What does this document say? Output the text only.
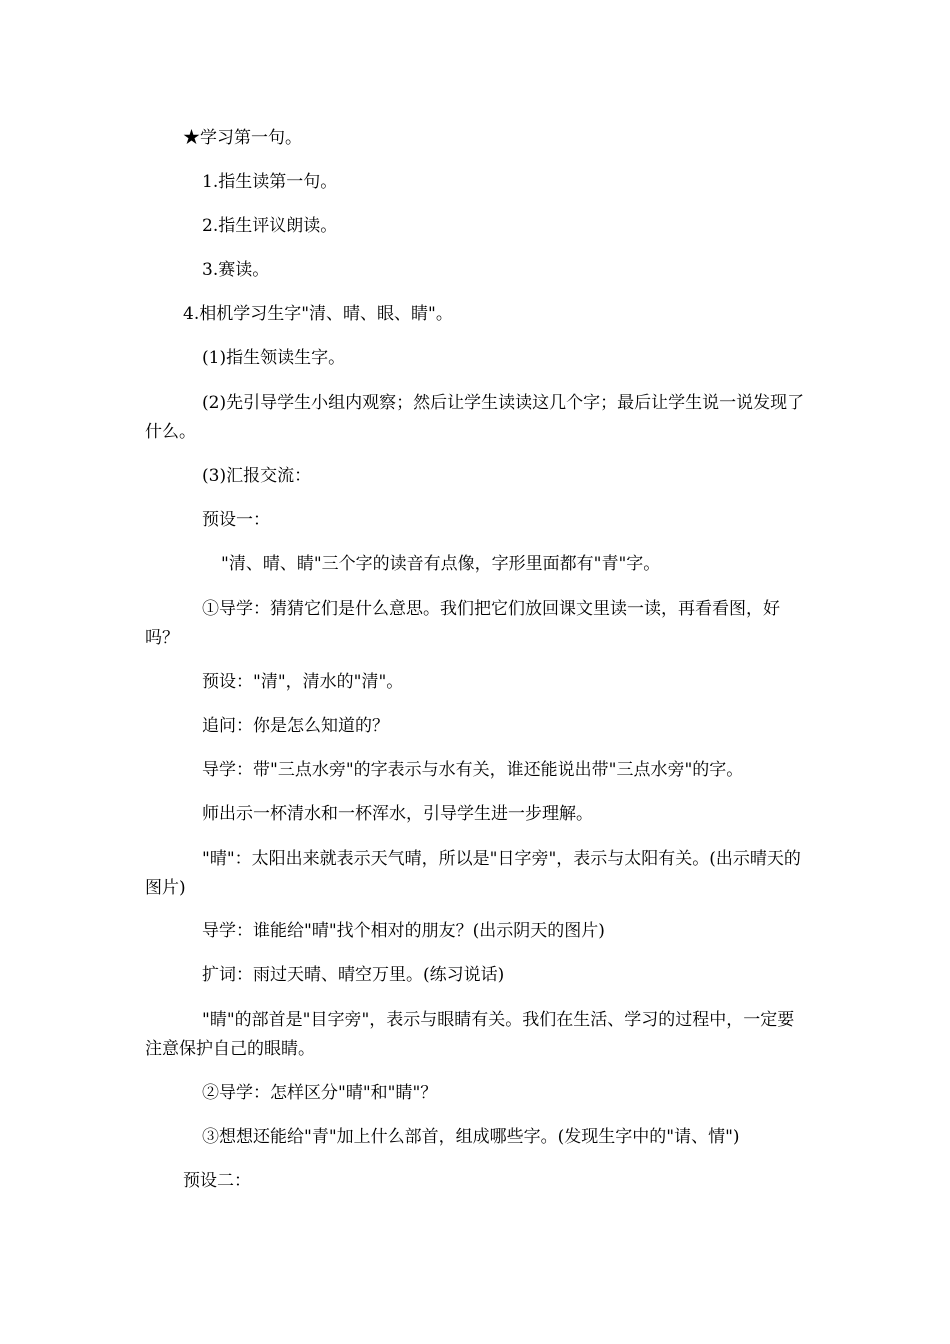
★学习第一句。

1.指生读第一句。

2.指生评议朗读。

3.赛读。

4.相机学习生字"清、晴、眼、睛"。

(1)指生领读生字。

(2)先引导学生小组内观察；然后让学生读读这几个字；最后让学生说一说发现了什么。

(3)汇报交流：

预设一：

"清、晴、睛"三个字的读音有点像，字形里面都有"青"字。

①导学：猜猜它们是什么意思。我们把它们放回课文里读一读，再看看图，好吗？

预设："清"，清水的"清"。

追问：你是怎么知道的？

导学：带"三点水旁"的字表示与水有关，谁还能说出带"三点水旁"的字。

师出示一杯清水和一杯浑水，引导学生进一步理解。

"晴"：太阳出来就表示天气晴，所以是"日字旁"，表示与太阳有关。(出示晴天的图片)

导学：谁能给"晴"找个相对的朋友？(出示阴天的图片)

扩词：雨过天晴、晴空万里。(练习说话)

"睛"的部首是"目字旁"，表示与眼睛有关。我们在生活、学习的过程中，一定要注意保护自己的眼睛。

②导学：怎样区分"晴"和"睛"？

③想想还能给"青"加上什么部首，组成哪些字。(发现生字中的"请、情")

预设二：
